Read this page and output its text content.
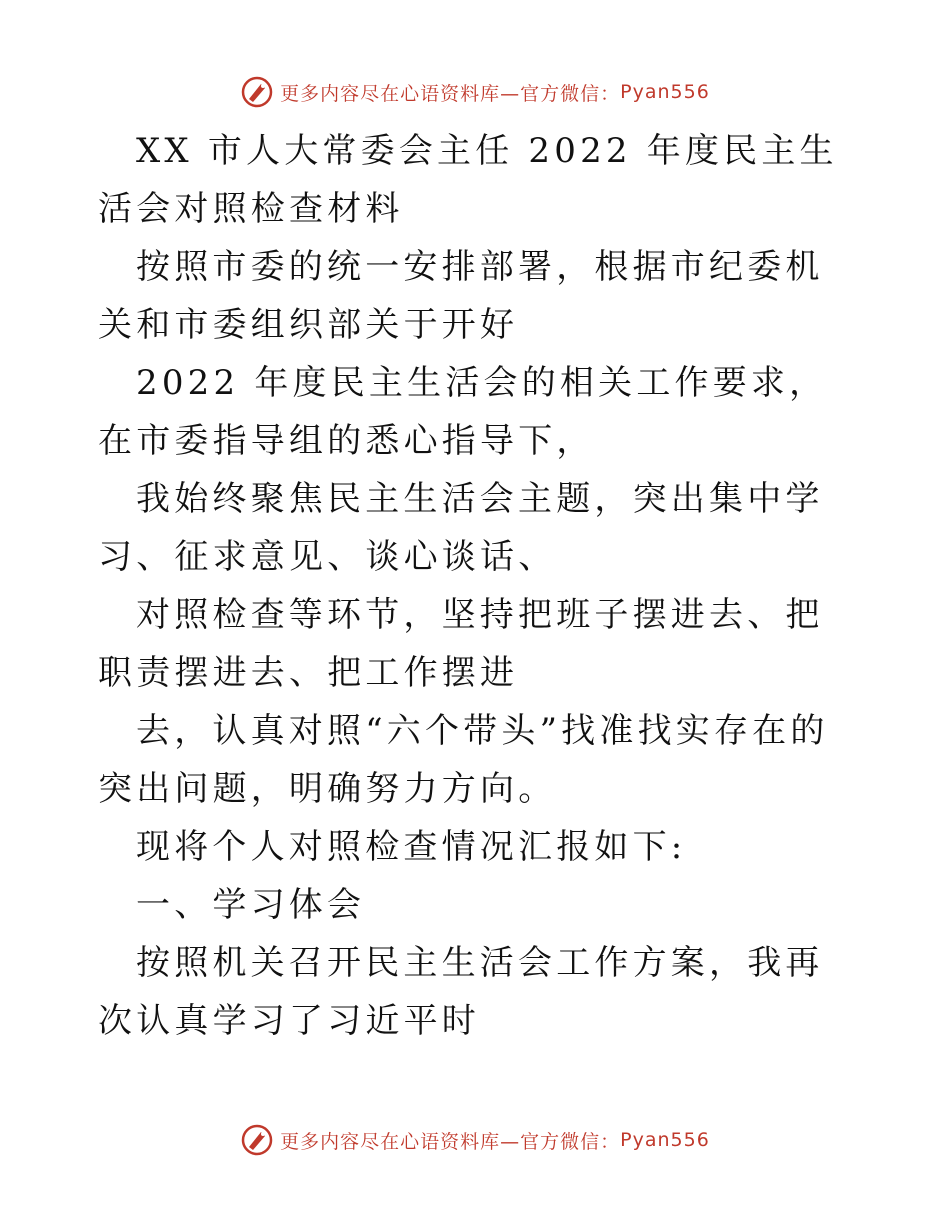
更多内容尽在心语资料库—官方微信： Pyan556

XX 市人大常委会主任 2022 年度民主生活会对照检查材料

按照市委的统一安排部署，根据市纪委机关和市委组织部关于开好

2022 年度民主生活会的相关工作要求，在市委指导组的悉心指导下，

我始终聚焦民主生活会主题，突出集中学习、征求意见、谈心谈话、

对照检查等环节，坚持把班子摆进去、把职责摆进去、把工作摆进

去，认真对照“六个带头”找准找实存在的突出问题，明确努力方向。

现将个人对照检查情况汇报如下:

一、学习体会

按照机关召开民主生活会工作方案，我再次认真学习了习近平时

更多内容尽在心语资料库—官方微信： Pyan556
